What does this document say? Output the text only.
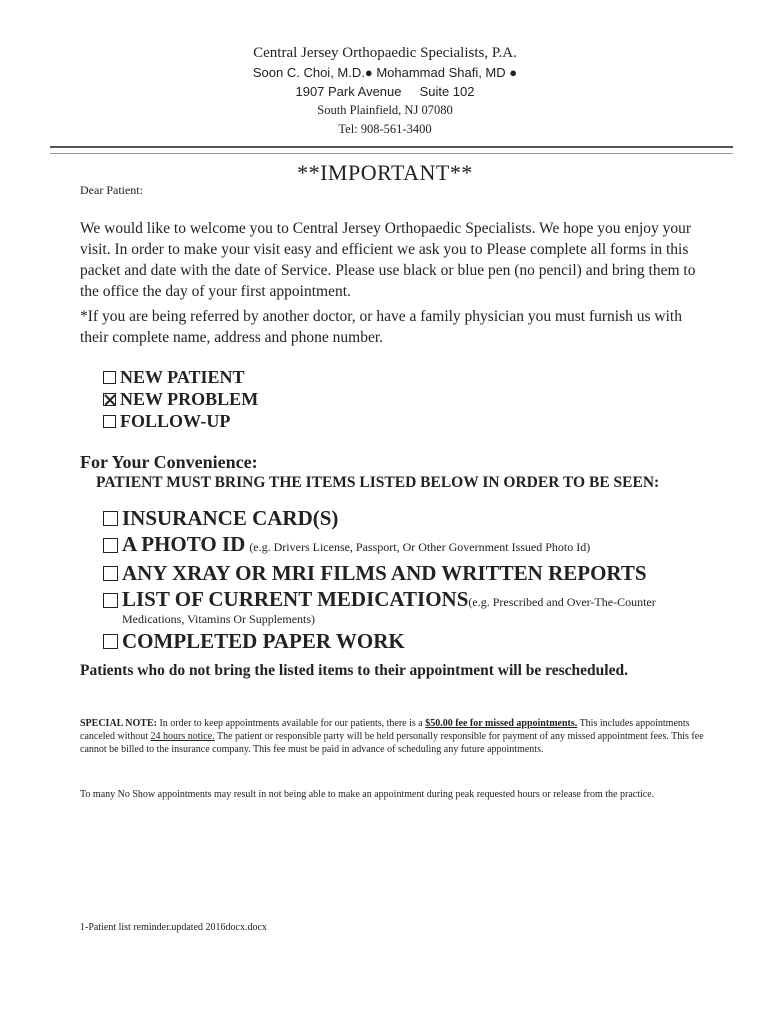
Central Jersey Orthopaedic Specialists, P.A.
Soon C. Choi, M.D.● Mohammad Shafi, MD ●
1907 Park Avenue Suite 102
South Plainfield, NJ 07080
Tel: 908-561-3400
**IMPORTANT**
Dear Patient:

We would like to welcome you to Central Jersey Orthopaedic Specialists. We hope you enjoy your visit. In order to make your visit easy and efficient we ask you to Please complete all forms in this packet and date with the date of Service. Please use black or blue pen (no pencil) and bring them to the office the day of your first appointment.

*If you are being referred by another doctor, or have a family physician you must furnish us with their complete name, address and phone number.

NEW PATIENT
NEW PROBLEM
FOLLOW-UP
For Your Convenience:
PATIENT MUST BRING THE ITEMS LISTED BELOW IN ORDER TO BE SEEN:
INSURANCE CARD(S)
A PHOTO ID (e.g. Drivers License, Passport, Or Other Government Issued Photo Id)
ANY XRAY OR MRI FILMS AND WRITTEN REPORTS
LIST OF CURRENT MEDICATIONS (e.g. Prescribed and Over-The-Counter
Medications, Vitamins Or Supplements)
COMPLETED PAPER WORK
Patients who do not bring the listed items to their appointment will be rescheduled.

SPECIAL NOTE: In order to keep appointments available for our patients, there is a $50.00 fee for missed appointments. This includes appointments canceled without 24 hours notice. The patient or responsible party will be held personally responsible for payment of any missed appointment fees. This fee cannot be billed to the insurance company. This fee must be paid in advance of scheduling any future appointments.

To many No Show appointments may result in not being able to make an appointment during peak requested hours or release from the practice.

1-Patient list reminder.updated 2016docx.docx
